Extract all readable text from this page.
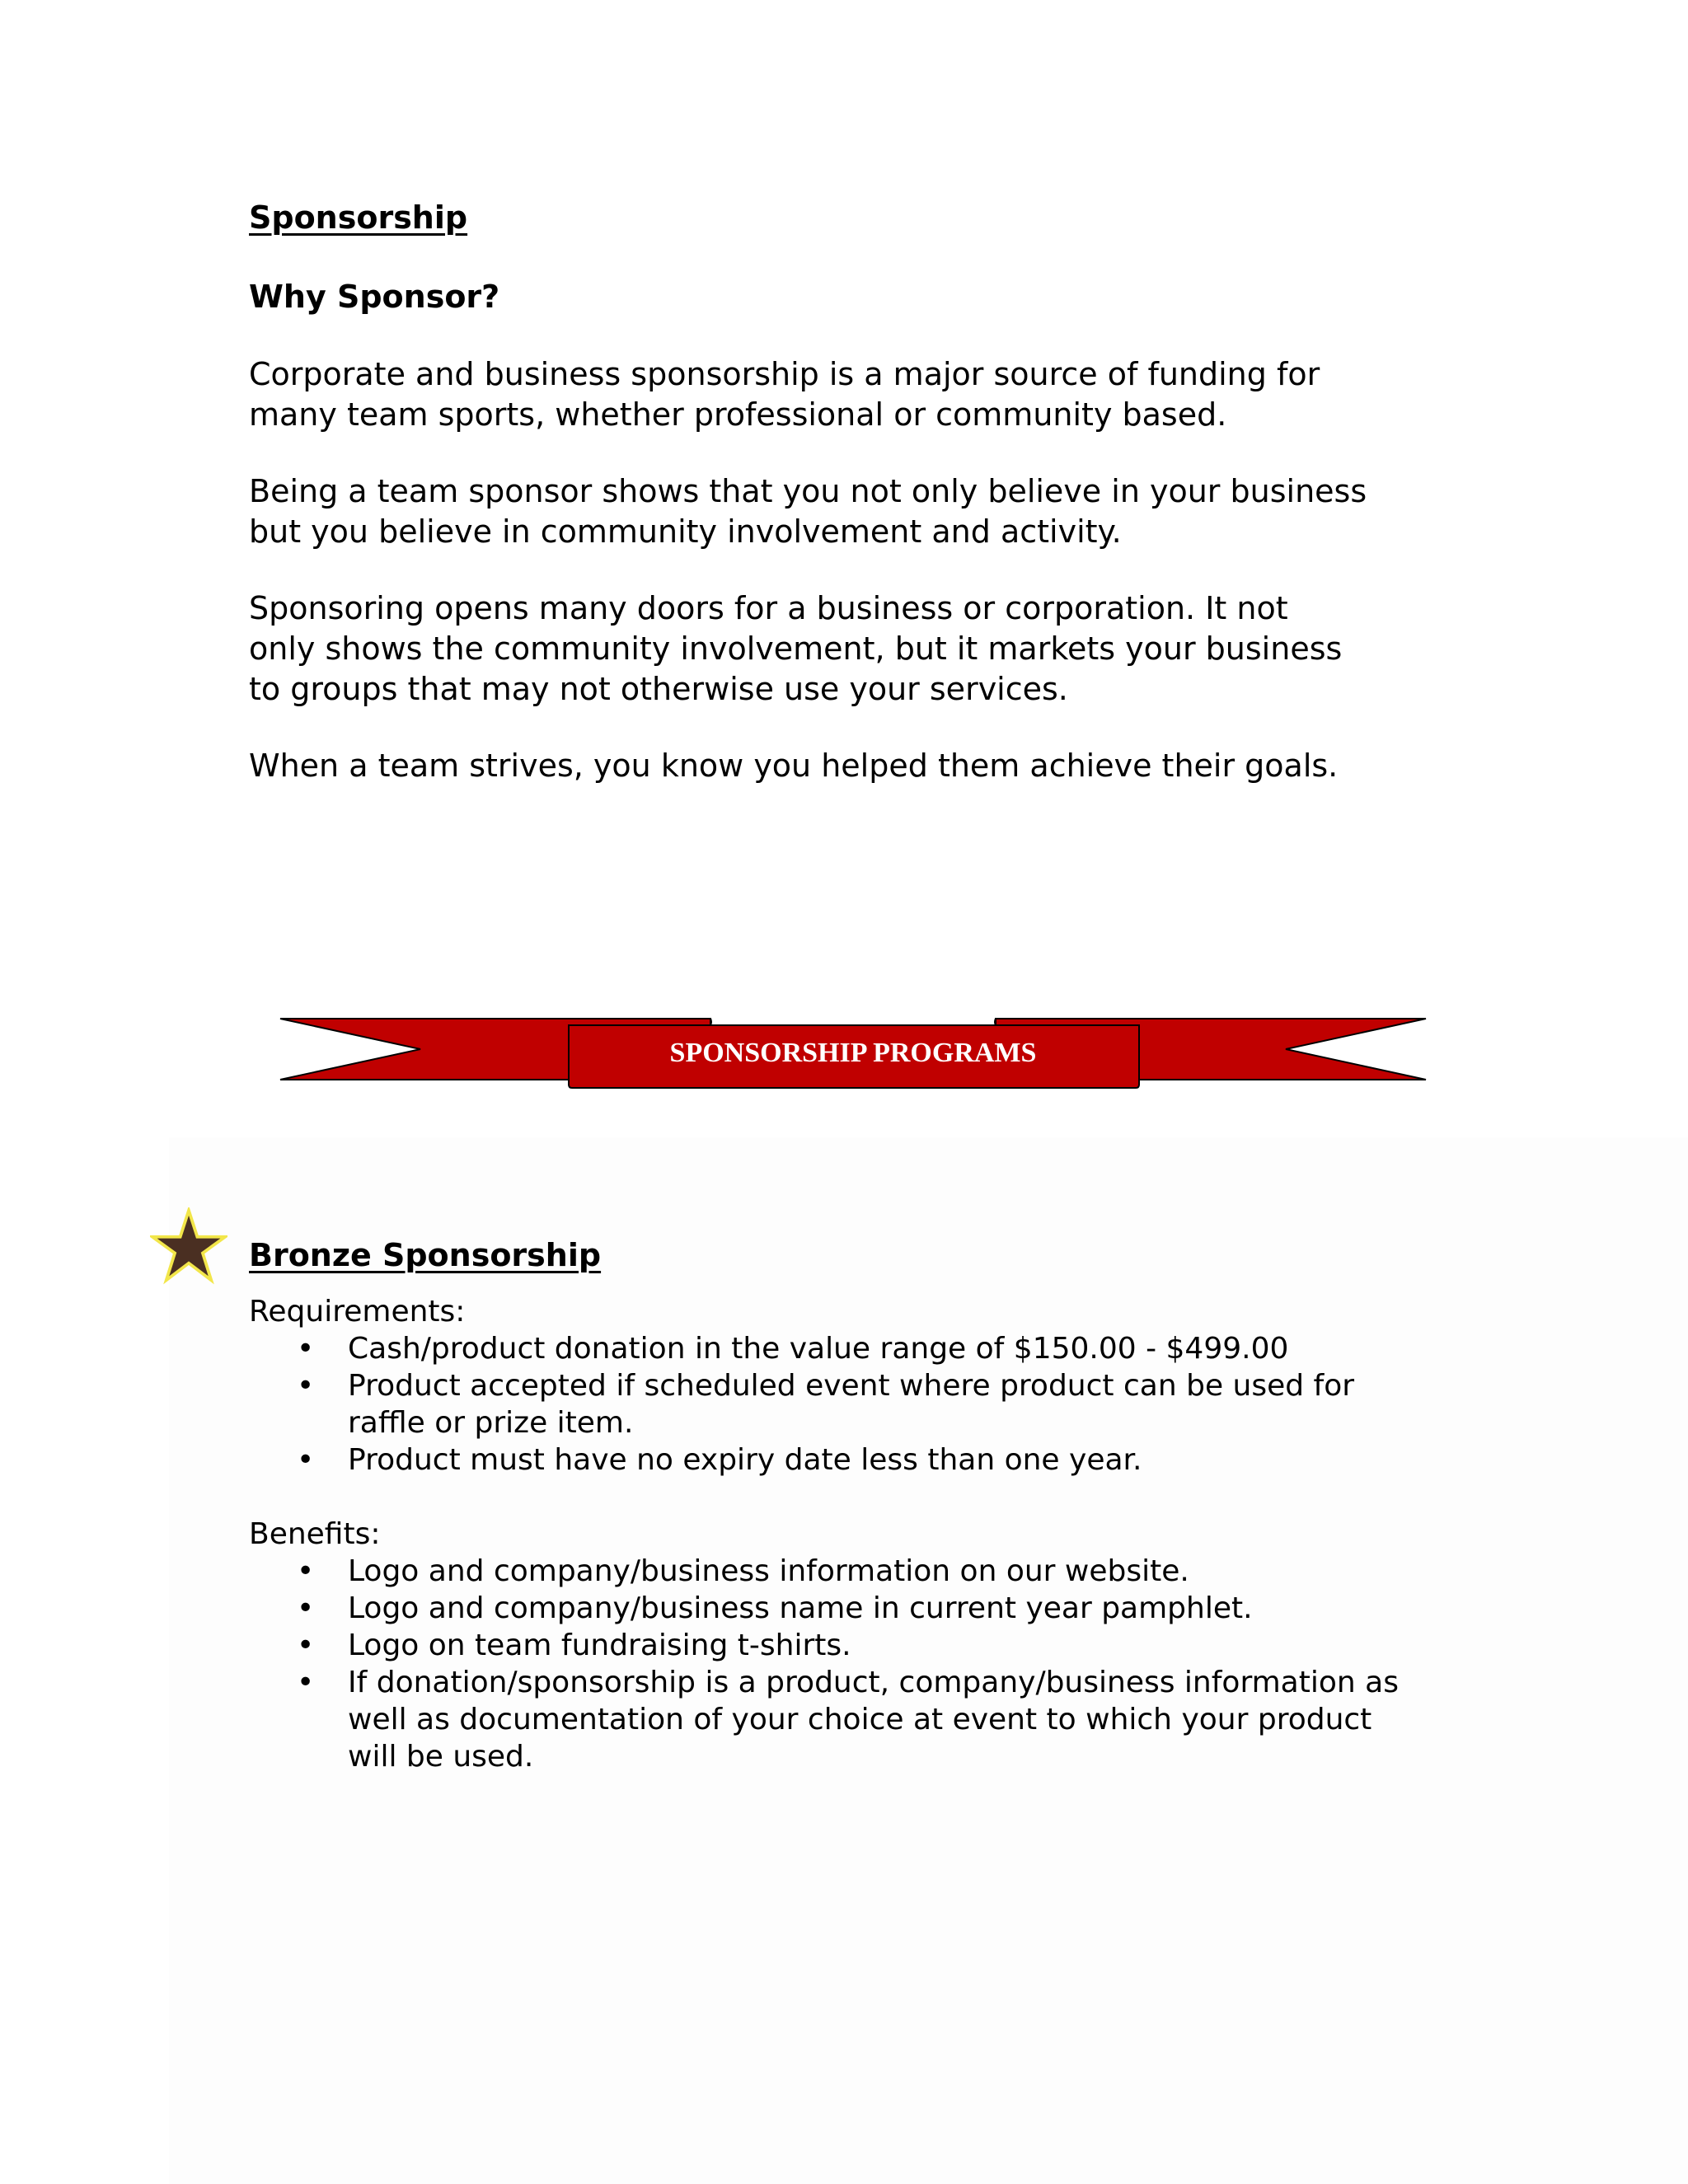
Sponsorship
Why Sponsor?

Corporate and business sponsorship is a major source of funding for
many team sports, whether professional or community based.

Being a team sponsor shows that you not only believe in your business
but you believe in community involvement and activity.

Sponsoring opens many doors for a business or corporation. It not
only shows the community involvement, but it markets your business
to groups that may not otherwise use your services.

When a team strives, you know you helped them achieve their goals.

SPONSORSHIP PROGRAMS
Bronze Sponsorship
Requirements:
• Cash/product donation in the value range of $150.00 - $499.00
• Product accepted if scheduled event where product can be used for
raffle or prize item.
• Product must have no expiry date less than one year.
Benefits:
• Logo and company/business information on our website.
• Logo and company/business name in current year pamphlet.
• Logo on team fundraising t-shirts.
• If donation/sponsorship is a product, company/business information as
well as documentation of your choice at event to which your product
will be used.
